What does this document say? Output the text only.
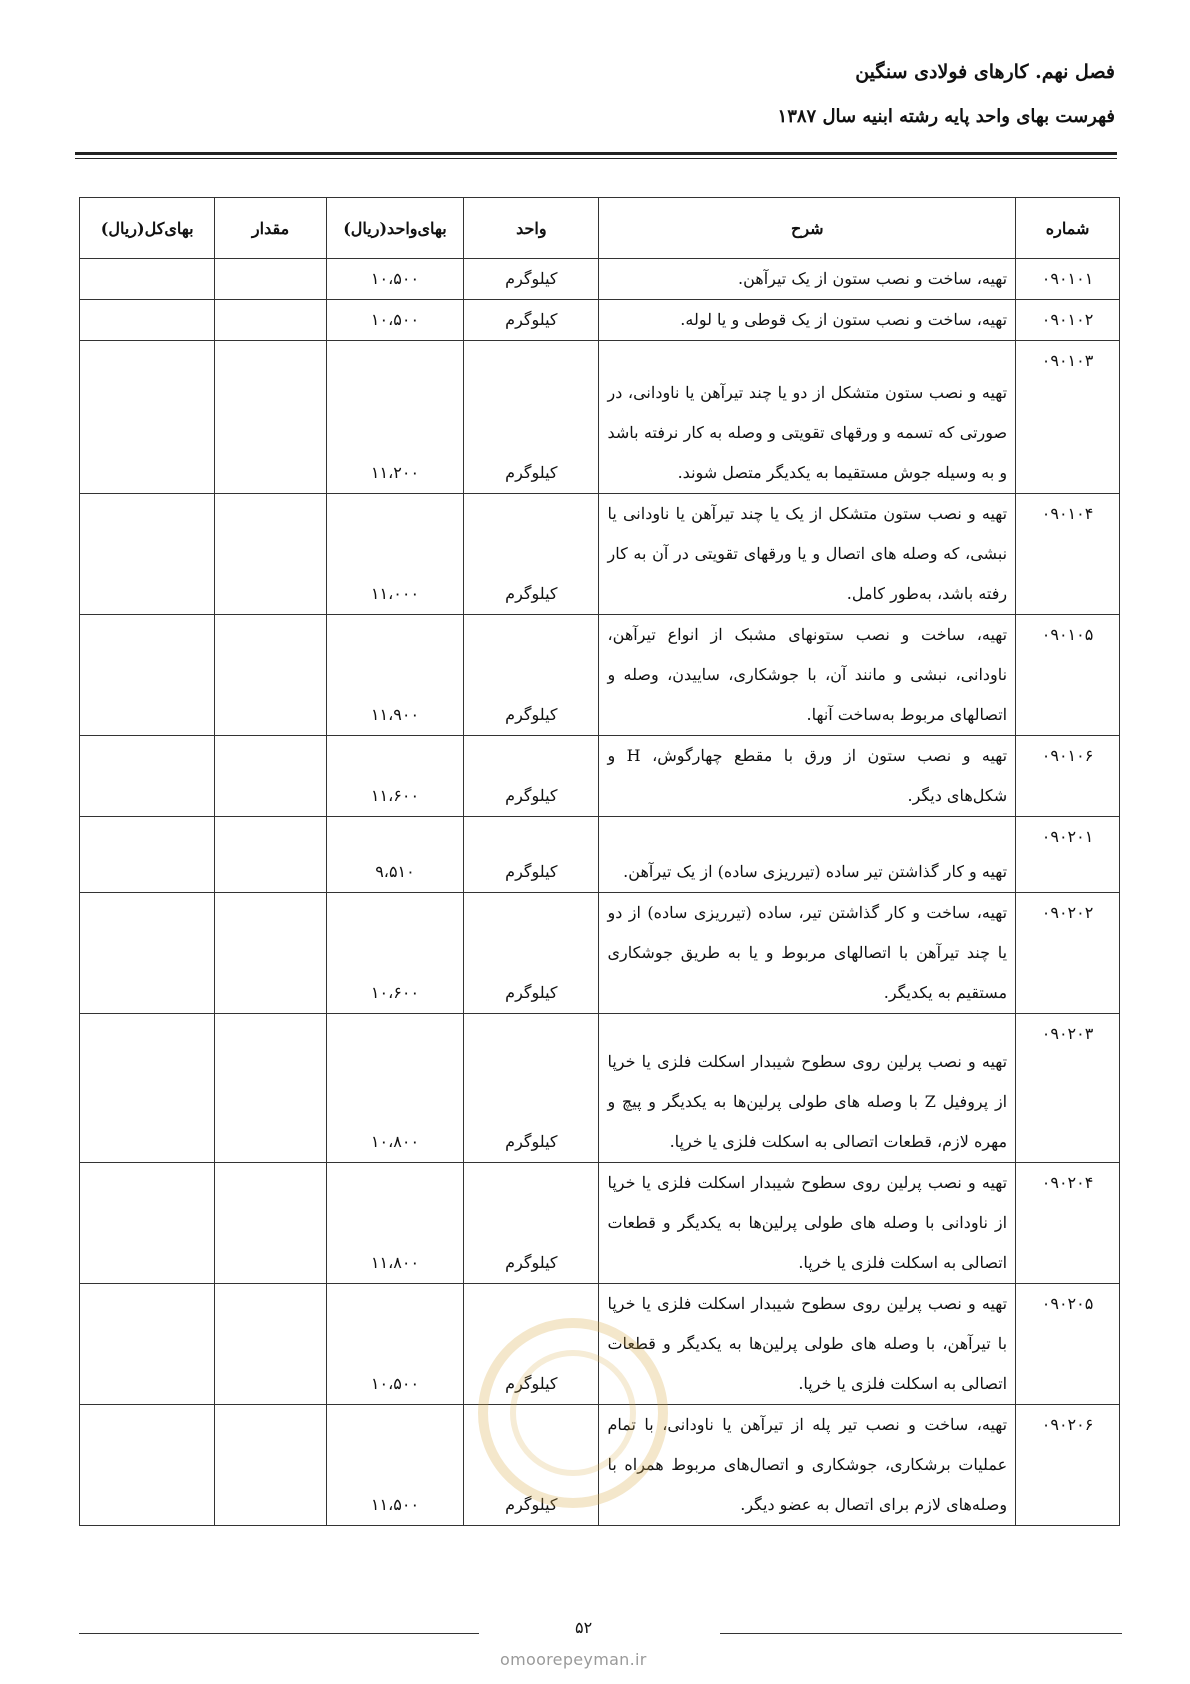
فصل نهم. کارهای فولادی سنگین
فهرست بهای واحد پایه رشته ابنیه سال ۱۳۸۷
شماره	شرح	واحد	بهای‌واحد(ریال)	مقدار	بهای‌کل(ریال)
۰۹۰۱۰۱	تهیه، ساخت و نصب ستون از یک تیرآهن.	کیلوگرم	۱۰،۵۰۰		
۰۹۰۱۰۲	تهیه، ساخت و نصب ستون از یک قوطی و یا لوله.	کیلوگرم	۱۰،۵۰۰		
۰۹۰۱۰۳	تهیه و نصب ستون متشکل از دو یا چند تیرآهن یا ناودانی، در صورتی که تسمه و ورقهای تقویتی و وصله به کار نرفته باشد و به وسیله جوش مستقیما به یکدیگر متصل شوند.	کیلوگرم	۱۱،۲۰۰		
۰۹۰۱۰۴	تهیه و نصب ستون متشکل از یک یا چند تیرآهن یا ناودانی یا نبشی، که وصله های اتصال و یا ورقهای تقویتی در آن به کار رفته باشد، به‌طور کامل.	کیلوگرم	۱۱،۰۰۰		
۰۹۰۱۰۵	تهیه، ساخت و نصب ستونهای مشبک از انواع تیرآهن، ناودانی، نبشی و مانند آن، با جوشکاری، ساییدن، وصله و اتصالهای مربوط به‌ساخت آنها.	کیلوگرم	۱۱،۹۰۰		
۰۹۰۱۰۶	تهیه و نصب ستون از ورق با مقطع چهارگوش، H و شکل‌های دیگر.	کیلوگرم	۱۱،۶۰۰		
۰۹۰۲۰۱	تهیه و کار گذاشتن تیر ساده (تیرریزی ساده) از یک تیرآهن.	کیلوگرم	۹،۵۱۰		
۰۹۰۲۰۲	تهیه، ساخت و کار گذاشتن تیر، ساده (تیرریزی ساده) از دو یا چند تیرآهن با اتصالهای مربوط و یا به طریق جوشکاری مستقیم به یکدیگر.	کیلوگرم	۱۰،۶۰۰		
۰۹۰۲۰۳	تهیه و نصب پرلین روی سطوح شیبدار اسکلت فلزی یا خرپا از پروفیل Z با وصله های طولی پرلین‌ها به یکدیگر و پیچ و مهره لازم، قطعات اتصالی به اسکلت فلزی یا خرپا.	کیلوگرم	۱۰،۸۰۰		
۰۹۰۲۰۴	تهیه و نصب پرلین روی سطوح شیبدار اسکلت فلزی یا خرپا از ناودانی با وصله های طولی پرلین‌ها به یکدیگر و قطعات اتصالی به اسکلت فلزی یا خرپا.	کیلوگرم	۱۱،۸۰۰		
۰۹۰۲۰۵	تهیه و نصب پرلین روی سطوح شیبدار اسکلت فلزی یا خرپا با تیرآهن، با وصله های طولی پرلین‌ها به یکدیگر و قطعات اتصالی به اسکلت فلزی یا خرپا.	کیلوگرم	۱۰،۵۰۰		
۰۹۰۲۰۶	تهیه، ساخت و نصب تیر پله از تیرآهن یا ناودانی، با تمام عملیات برشکاری، جوشکاری و اتصال‌های مربوط همراه با وصله‌های لازم برای اتصال به عضو دیگر.	کیلوگرم	۱۱،۵۰۰		
۵۲
omoorepeyman.ir
